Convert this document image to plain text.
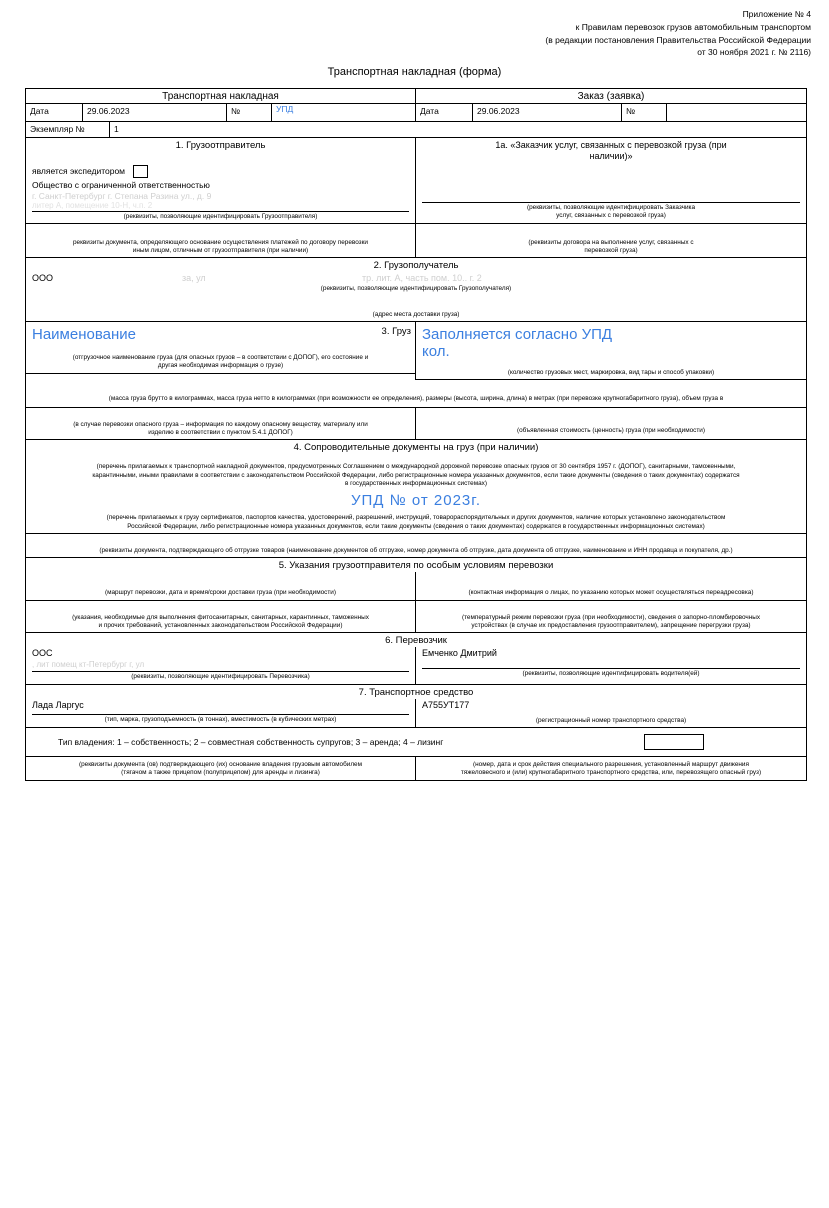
Приложение № 4
к Правилам перевозок грузов автомобильным транспортом
(в редакции постановления Правительства Российской Федерации
от 30 ноября 2021 г. № 2116)
Транспортная накладная (форма)
Транспортная накладная	Заказ (заявка)
Дата	29.06.2023	№	УПД	Дата	29.06.2023	№
Экземпляр №	1
1. Грузоотправитель	1а. «Заказчик услуг, связанных с перевозкой груза (при
наличии)»
является экспедитором
Общество с ограниченной ответственностью
г. Санкт-Петербург г. Степана Разина ул., д. 9
литер А, помещение 10-Н, ч.п. 2
(реквизиты, позволяющие идентифицировать Грузоотправителя)
(реквизиты, позволяющие идентифицировать Заказчика
услуг, связанных с перевозкой груза)
реквизиты документа, определяющего основание осуществления платежей по договору перевозки
иным лицом, отличным от грузоотправителя (при наличии)
(реквизиты договора на выполнение услуг, связанных с
перевозкой груза)
2. Грузополучатель
ООО	за, ул	тр. лит. А, часть пом. 10.. г. 2
(реквизиты, позволяющие идентифицировать Грузополучателя)
(адрес места доставки груза)
Наименование	3. Груз
(отгрузочное наименование груза (для опасных грузов – в соответствии с ДОПОГ), его состояние и
другая необходимая информация о грузе)
Заполняется согласно УПД
кол.
(количество грузовых мест, маркировка, вид тары и способ упаковки)
(масса груза брутто в килограммах, масса груза нетто в килограммах (при возможности ее определения), размеры (высота, ширина, длина) в метрах (при перевозке крупногабаритного груза), объем груза в
(в случае перевозки опасного груза – информация по каждому опасному веществу, материалу или
изделию в соответствии с пунктом 5.4.1 ДОПОГ)	(объявленная стоимость (ценность) груза (при необходимости)
4. Сопроводительные документы на груз (при наличии)
(перечень прилагаемых к транспортной накладной документов, предусмотренных Соглашением о международной дорожной перевозке опасных грузов от 30 сентября 1957 г. (ДОПОГ), санитарными, таможенными,
карантинными, иными правилами в соответствии с законодательством Российской Федерации, либо регистрационные номера указанных документов, если такие документы (сведения о таких документах) содержатся
в государственных информационных системах)
УПД № от 2023г.
(перечень прилагаемых к грузу сертификатов, паспортов качества, удостоверений, разрешений, инструкций, товарораспорядительных и других документов, наличие которых установлено законодательством
Российской Федерации, либо регистрационные номера указанных документов, если такие документы (сведения о таких документах) содержатся в государственных информационных системах)
(реквизиты документа, подтверждающего об отгрузке товаров (наименование документов об отгрузке, номер документа об отгрузке, дата документа об отгрузке, наименование и ИНН продавца и покупателя, др.)
5. Указания грузоотправителя по особым условиям перевозки
(маршрут перевозки, дата и время/сроки доставки груза (при необходимости)	(контактная информация о лицах, по указанию которых может осуществляться переадресовка)
(указания, необходимые для выполнения фитосанитарных, санитарных, карантинных, таможенных
и прочих требований, установленных законодательством Российской Федерации)
(температурный режим перевозки груза (при необходимости), сведения о запорно-пломбировочных
устройствах (в случае их предоставления грузоотправителем), запрещение перегрузки груза)
6. Перевозчик
ООС
, лит помещ кт-Петербург г, ул
(реквизиты, позволяющие идентифицировать Перевозчика)
Емченко Дмитрий
(реквизиты, позволяющие идентифицировать водителя(ей)
7. Транспортное средство
Лада Ларгус
(тип, марка, грузоподъемность (в тоннах), вместимость (в кубических метрах)
А755УТ177
(регистрационный номер транспортного средства)
Тип владения: 1 – собственность; 2 – совместная собственность супругов; 3 – аренда; 4 – лизинг
(реквизиты документа (ов) подтверждающего (их) основание владения грузовым автомобилем
(тягачом а также прицепом (полуприцепом) для аренды и лизинга)
(номер, дата и срок действия специального разрешения, установленный маршрут движения
тяжеловесного и (или) крупногабаритного транспортного средства, или, перевозящего опасный груз)
